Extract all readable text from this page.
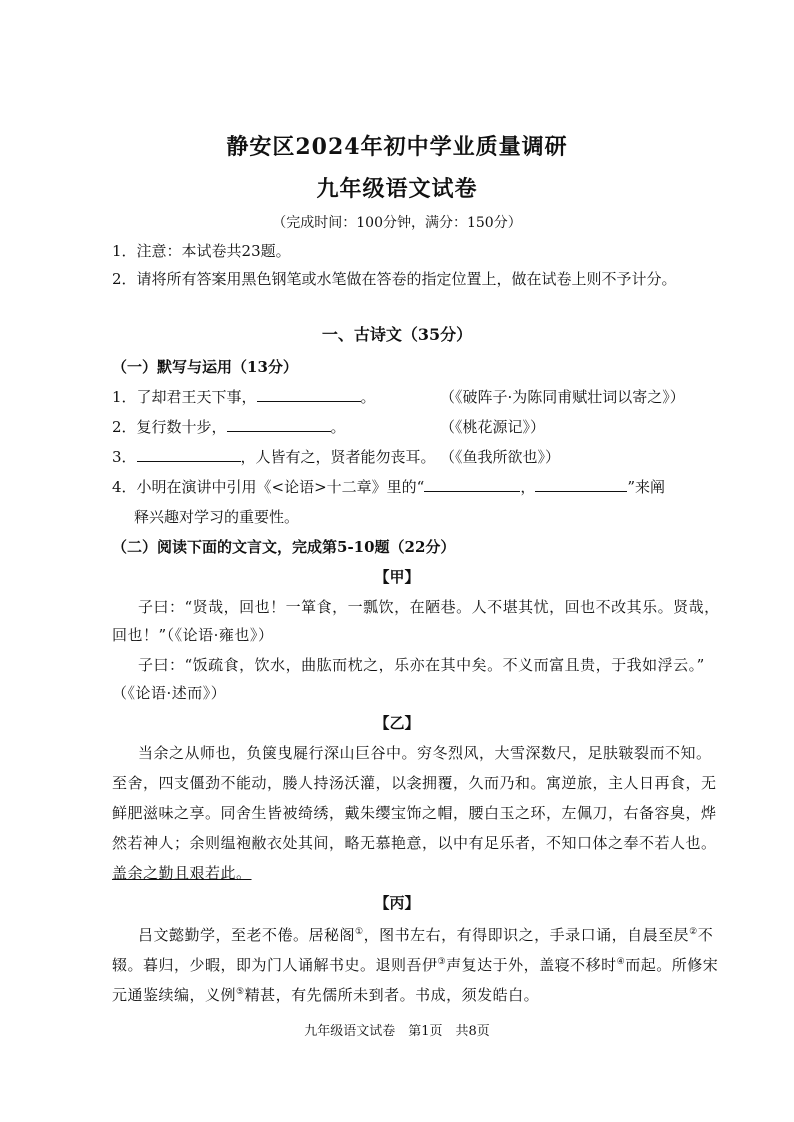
静安区2024年初中学业质量调研
九年级语文试卷
（完成时间：100分钟，满分：150分）
1．注意：本试卷共23题。
2．请将所有答案用黑色钢笔或水笔做在答卷的指定位置上，做在试卷上则不予计分。
一、古诗文（35分）
（一）默写与运用（13分）
1．了却君王天下事，	。	（《破阵子·为陈同甫赋壮词以寄之》）
2．复行数十步，	。	（《桃花源记》）
3．	，人皆有之，贤者能勿丧耳。 （《鱼我所欲也》）
4．小明在演讲中引用《<论语>十二章》里的“	，	”来阐
释兴趣对学习的重要性。
（二）阅读下面的文言文，完成第5-10题（22分）
【甲】
子曰：“贤哉，回也！一箪食，一瓢饮，在陋巷。人不堪其忧，回也不改其乐。贤哉，
回也！”（《论语·雍也》）
子曰：“饭疏食，饮水，曲肱而枕之，乐亦在其中矣。不义而富且贵，于我如浮云。”
（《论语·述而》）
【乙】
当余之从师也，负箧曳屣行深山巨谷中。穷冬烈风，大雪深数尺，足肤皲裂而不知。
至舍，四支僵劲不能动，媵人持汤沃灌，以衾拥覆，久而乃和。寓逆旅，主人日再食，无
鲜肥滋味之享。同舍生皆被绮绣，戴朱缨宝饰之帽，腰白玉之环，左佩刀，右备容臭，烨
然若神人；余则缊袍敝衣处其间，略无慕艳意，以中有足乐者，不知口体之奉不若人也。
盖余之勤且艰若此。
【丙】
吕文懿勤学，至老不倦。居秘阁①，图书左右，有得即识之，手录口诵，自晨至昃②不
辍。暮归，少暇，即为门人诵解书史。退则吾伊③声复达于外，盖寝不移时④而起。所修宋
元通鉴续编，义例⑤精甚，有先儒所未到者。书成，须发皓白。
九年级语文试卷　第1页　共8页
